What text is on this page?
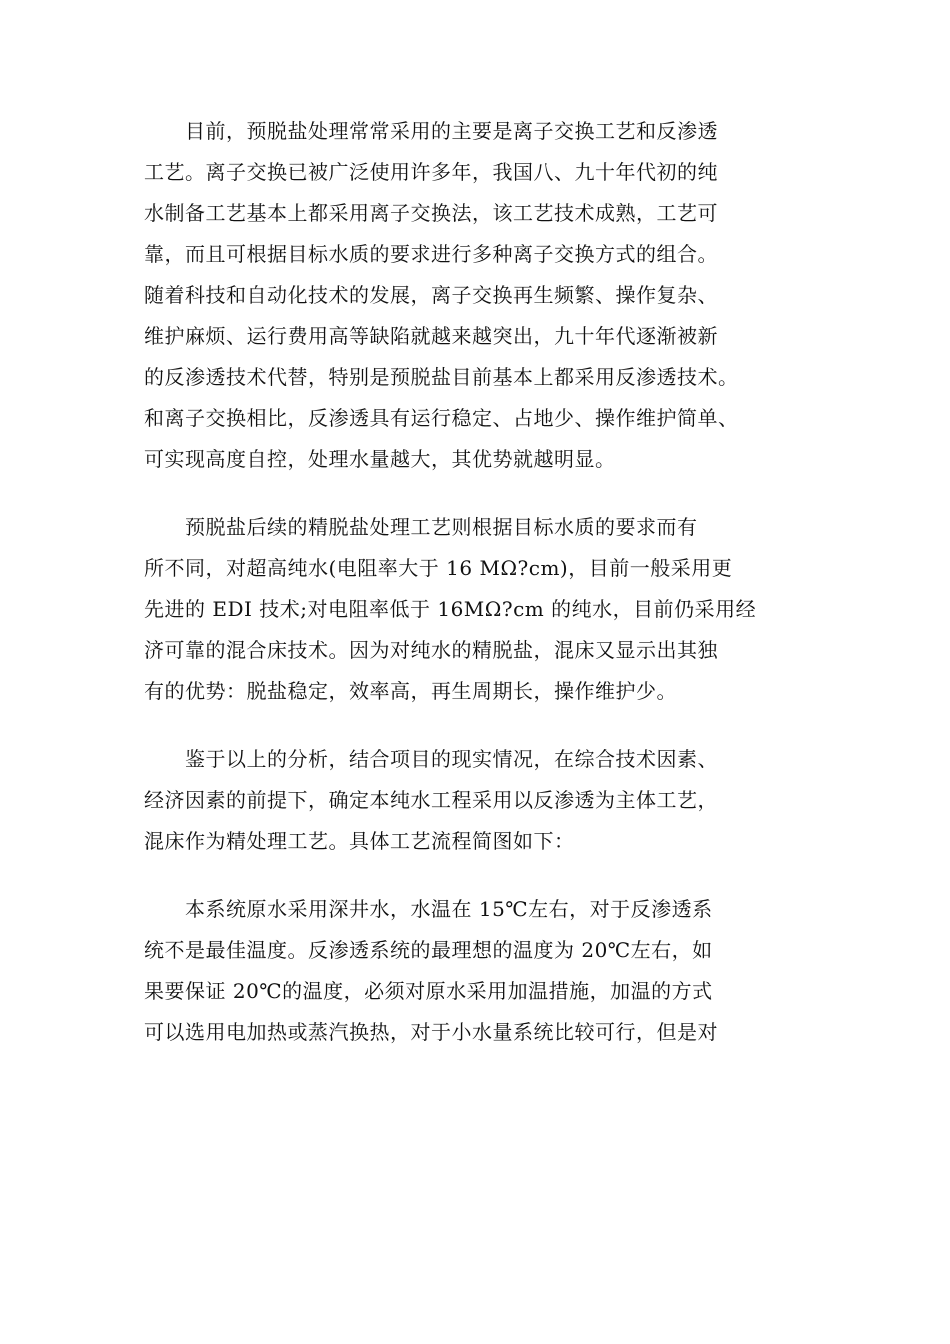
　　目前，预脱盐处理常常采用的主要是离子交换工艺和反渗透
工艺。离子交换已被广泛使用许多年，我国八、九十年代初的纯
水制备工艺基本上都采用离子交换法，该工艺技术成熟，工艺可
靠，而且可根据目标水质的要求进行多种离子交换方式的组合。
随着科技和自动化技术的发展，离子交换再生频繁、操作复杂、
维护麻烦、运行费用高等缺陷就越来越突出，九十年代逐渐被新
的反渗透技术代替，特别是预脱盐目前基本上都采用反渗透技术。
和离子交换相比，反渗透具有运行稳定、占地少、操作维护简单、
可实现高度自控，处理水量越大，其优势就越明显。
　　预脱盐后续的精脱盐处理工艺则根据目标水质的要求而有
所不同，对超高纯水(电阻率大于 16 MΩ?cm)，目前一般采用更
先进的 EDI 技术;对电阻率低于 16MΩ?cm 的纯水，目前仍采用经
济可靠的混合床技术。因为对纯水的精脱盐，混床又显示出其独
有的优势：脱盐稳定，效率高，再生周期长，操作维护少。
　　鉴于以上的分析，结合项目的现实情况，在综合技术因素、
经济因素的前提下，确定本纯水工程采用以反渗透为主体工艺，
混床作为精处理工艺。具体工艺流程简图如下：
　　本系统原水采用深井水，水温在 15℃左右，对于反渗透系
统不是最佳温度。反渗透系统的最理想的温度为 20℃左右，如
果要保证 20℃的温度，必须对原水采用加温措施，加温的方式
可以选用电加热或蒸汽换热，对于小水量系统比较可行，但是对
